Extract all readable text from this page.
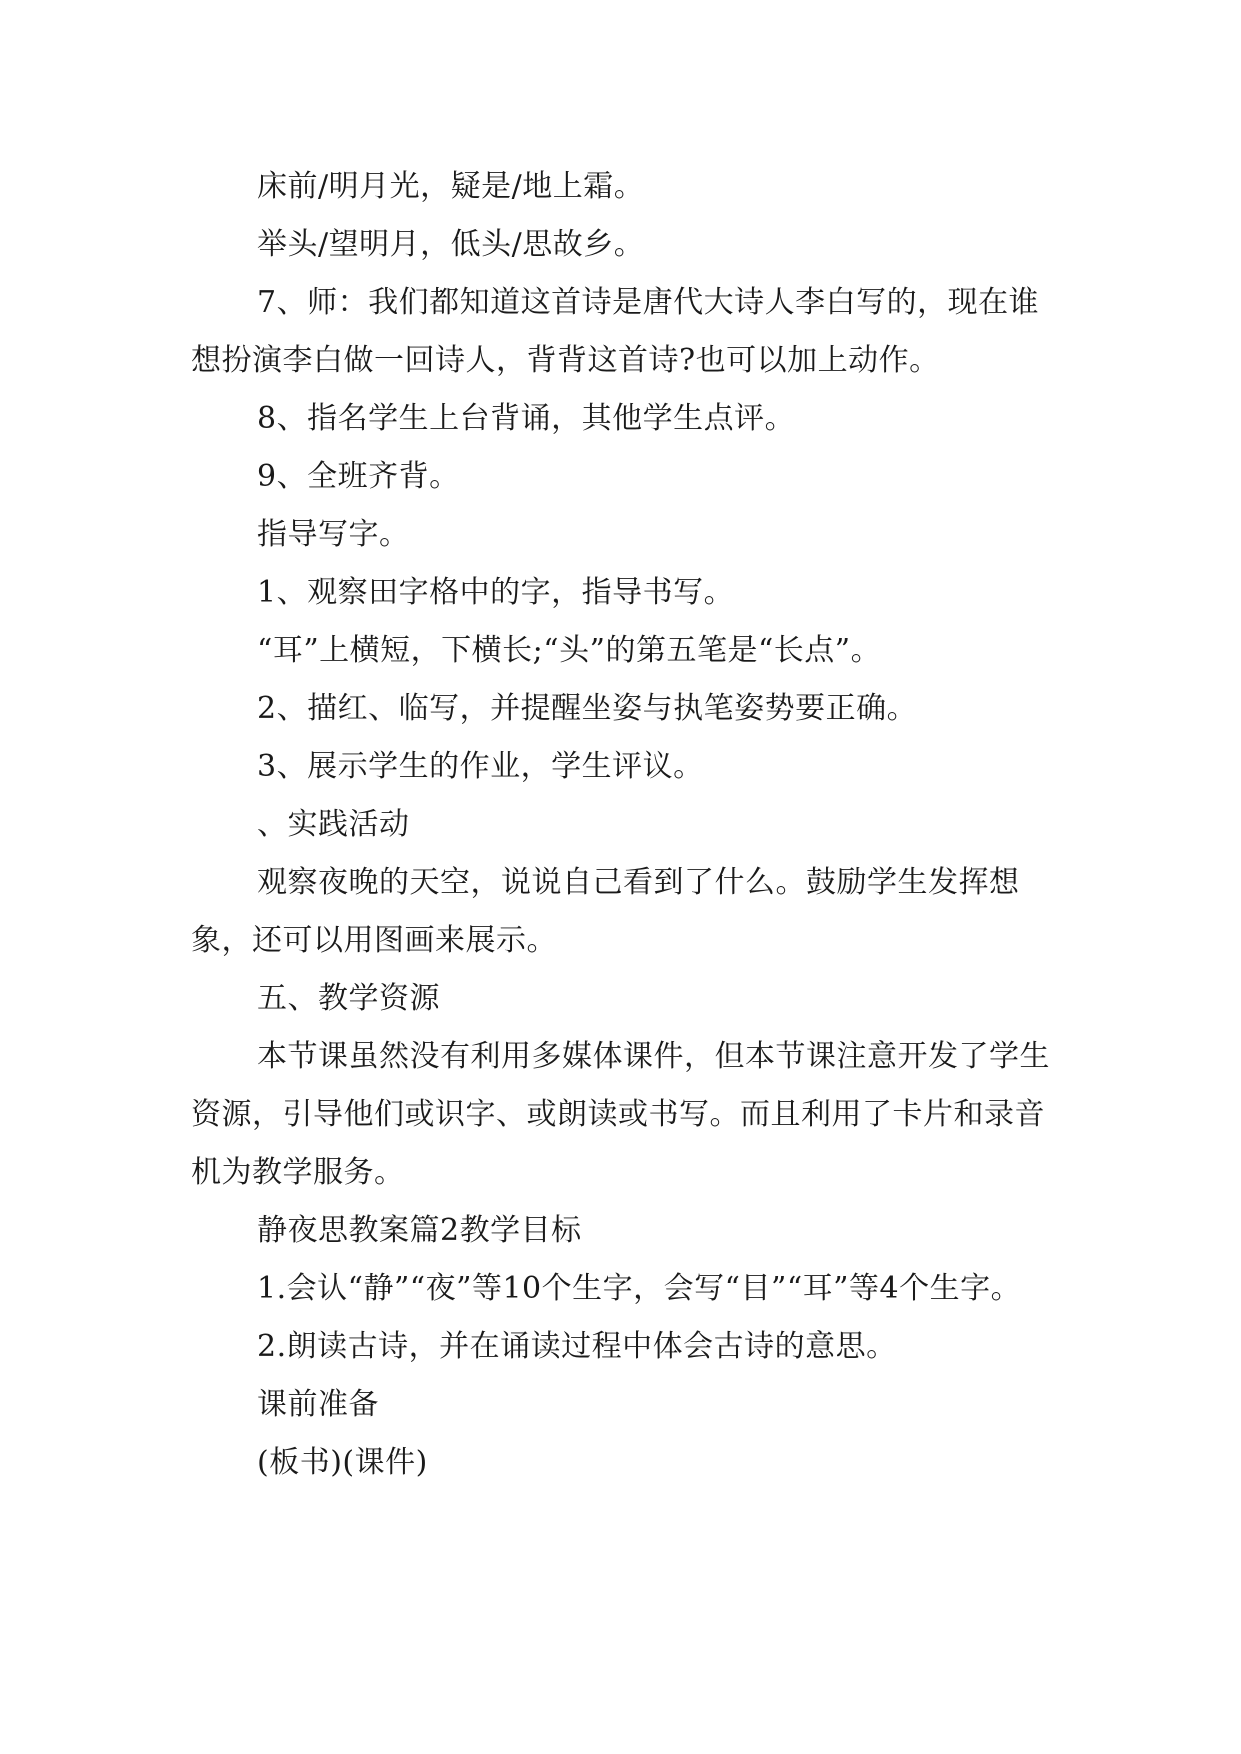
床前/明月光，疑是/地上霜。

举头/望明月，低头/思故乡。

7、师：我们都知道这首诗是唐代大诗人李白写的，现在谁想扮演李白做一回诗人，背背这首诗?也可以加上动作。

8、指名学生上台背诵，其他学生点评。

9、全班齐背。

指导写字。

1、观察田字格中的字，指导书写。

“耳”上横短，下横长;“头”的第五笔是“长点”。

2、描红、临写，并提醒坐姿与执笔姿势要正确。

3、展示学生的作业，学生评议。

、实践活动

观察夜晚的天空，说说自己看到了什么。鼓励学生发挥想象，还可以用图画来展示。

五、教学资源

本节课虽然没有利用多媒体课件，但本节课注意开发了学生资源，引导他们或识字、或朗读或书写。而且利用了卡片和录音机为教学服务。

静夜思教案篇2教学目标

1.会认“静”“夜”等10个生字，会写“目”“耳”等4个生字。

2.朗读古诗，并在诵读过程中体会古诗的意思。

课前准备

(板书)(课件)
